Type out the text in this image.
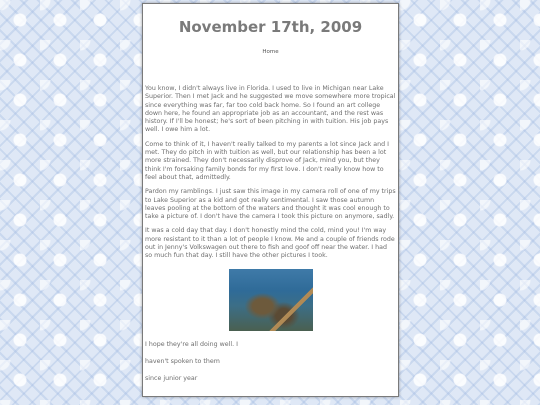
November 17th, 2009
Home

You know, I didn't always live in Florida. I used to live in Michigan near Lake Superior. Then I met Jack and he suggested we move somewhere more tropical since everything was far, far too cold back home. So I found an art college down here, he found an appropriate job as an accountant, and the rest was history. If I'll be honest; he's sort of been pitching in with tuition. His job pays well. I owe him a lot.

Come to think of it, I haven't really talked to my parents a lot since Jack and I met. They do pitch in with tuition as well, but our relationship has been a lot more strained. They don't necessarily disprove of Jack, mind you, but they think I'm forsaking family bonds for my first love. I don't really know how to feel about that, admittedly.

Pardon my ramblings. I just saw this image in my camera roll of one of my trips to Lake Superior as a kid and got really sentimental. I saw those autumn leaves pooling at the bottom of the waters and thought it was cool enough to take a picture of. I don't have the camera I took this picture on anymore, sadly.

It was a cold day that day. I don't honestly mind the cold, mind you! I'm way more resistant to it than a lot of people I know. Me and a couple of friends rode out in Jenny's Volkswagen out there to fish and goof off near the water. I had so much fun that day. I still have the other pictures I took.

I hope they're all doing well. I

haven't spoken to them

since junior year
